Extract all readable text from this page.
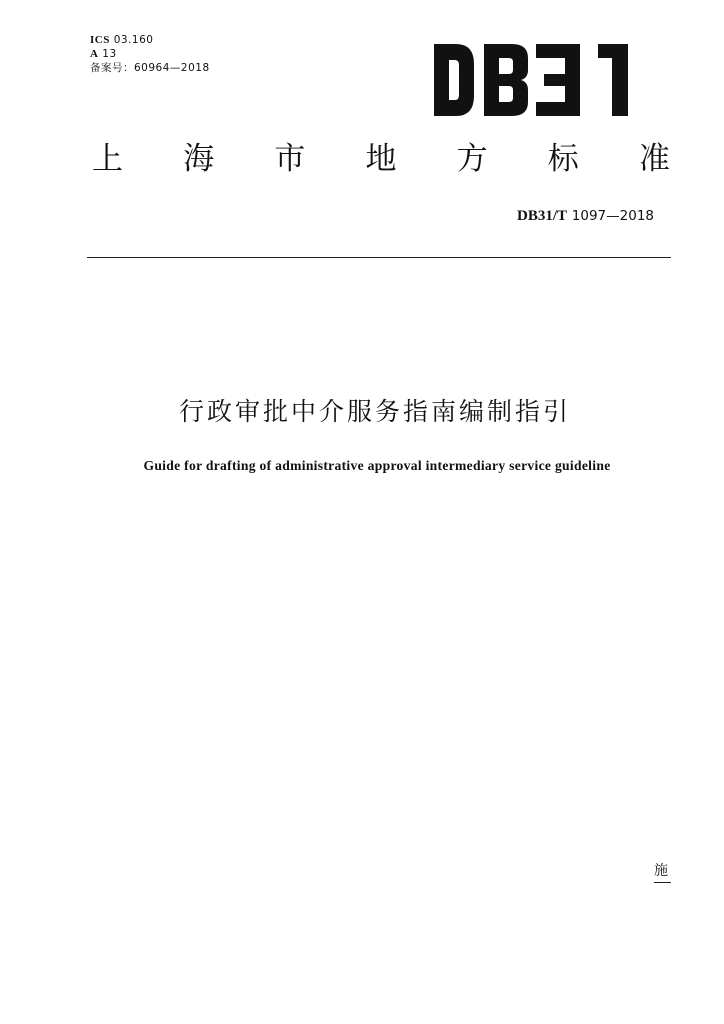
ICS 03.160
A 13
备案号：60964—2018
上 海 市 地 方 标 准
DB31/T 1097—2018
行政审批中介服务指南编制指引
Guide for drafting of administrative approval intermediary service guideline
施
